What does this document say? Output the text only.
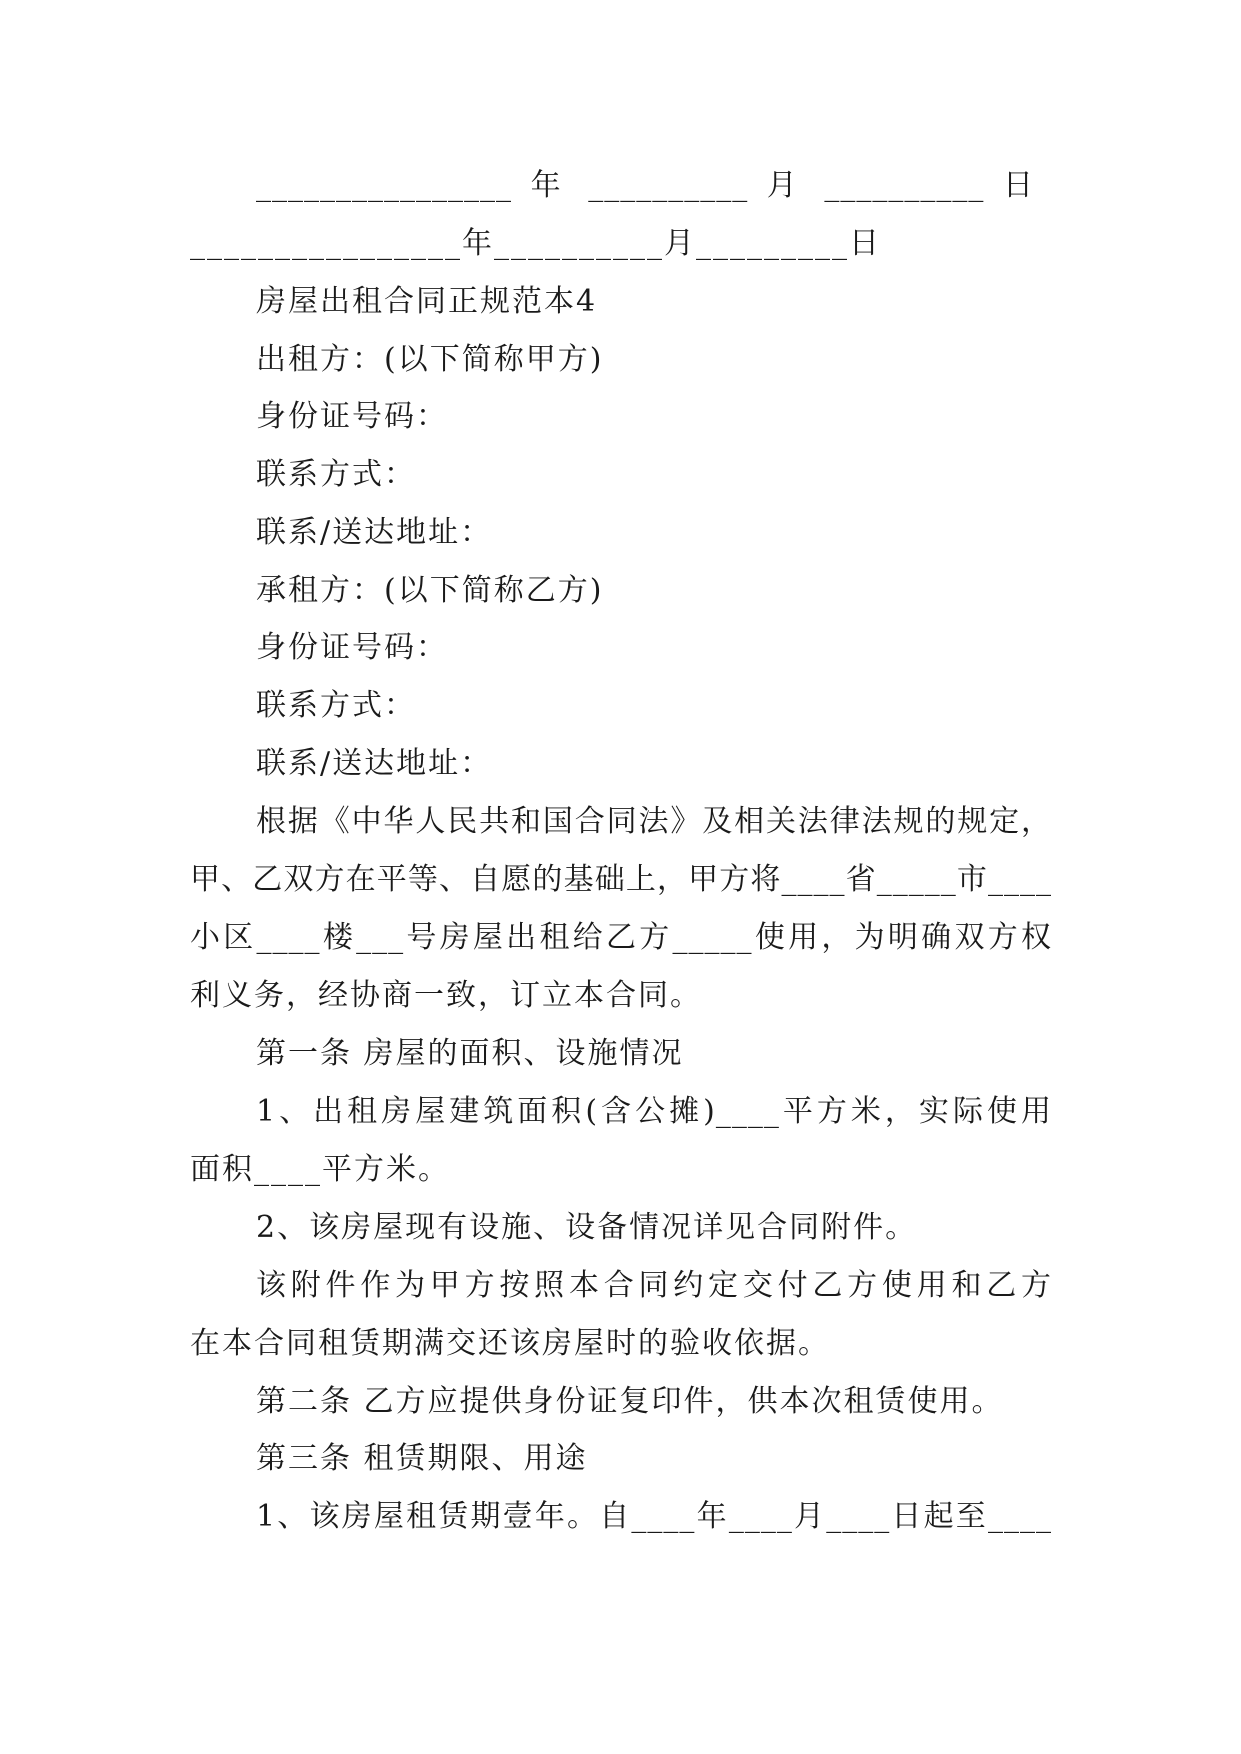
________________ 年 __________ 月 __________ 日
________________年__________月_________日
房屋出租合同正规范本4
出租方：(以下简称甲方)
身份证号码：
联系方式：
联系/送达地址：
承租方：(以下简称乙方)
身份证号码：
联系方式：
联系/送达地址：
根据《中华人民共和国合同法》及相关法律法规的规定，
甲、乙双方在平等、自愿的基础上，甲方将____省_____市____
小区____楼___号房屋出租给乙方_____使用，为明确双方权
利义务，经协商一致，订立本合同。
第一条 房屋的面积、设施情况
1、出租房屋建筑面积(含公摊)____平方米，实际使用
面积____平方米。
2、该房屋现有设施、设备情况详见合同附件。
该附件作为甲方按照本合同约定交付乙方使用和乙方
在本合同租赁期满交还该房屋时的验收依据。
第二条 乙方应提供身份证复印件，供本次租赁使用。
第三条 租赁期限、用途
1、该房屋租赁期壹年。自____年____月____日起至____
